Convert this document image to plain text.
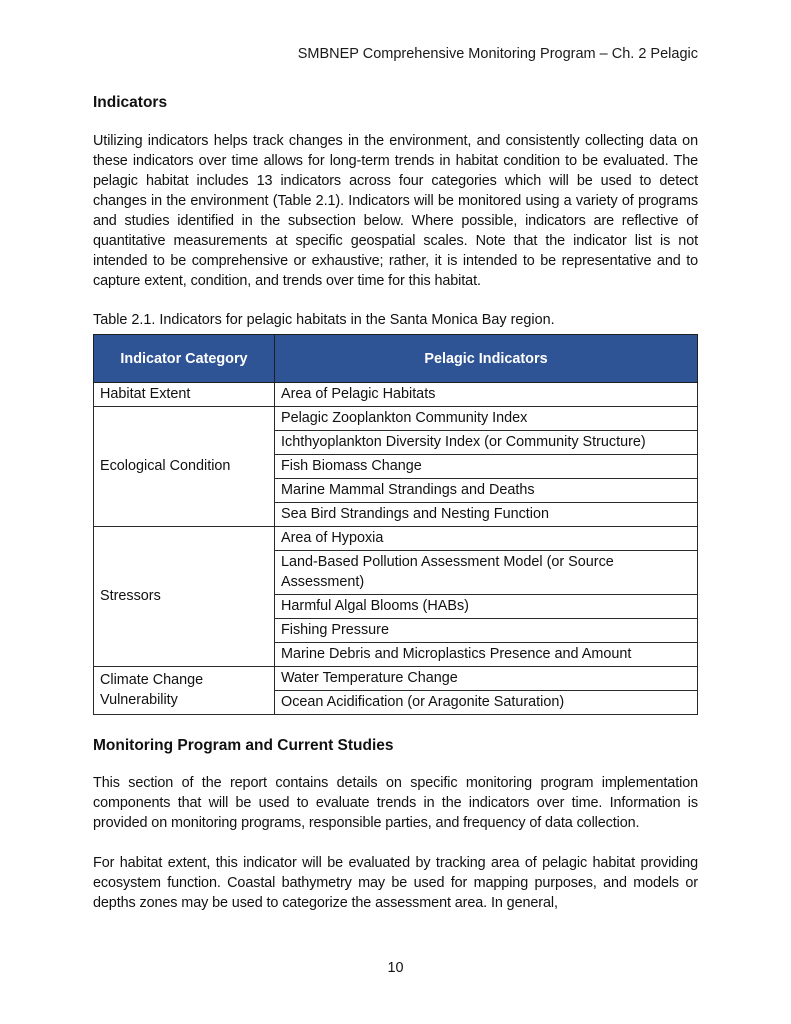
SMBNEP Comprehensive Monitoring Program – Ch. 2 Pelagic
Indicators

Utilizing indicators helps track changes in the environment, and consistently collecting data on these indicators over time allows for long-term trends in habitat condition to be evaluated. The pelagic habitat includes 13 indicators across four categories which will be used to detect changes in the environment (Table 2.1). Indicators will be monitored using a variety of programs and studies identified in the subsection below. Where possible, indicators are reflective of quantitative measurements at specific geospatial scales. Note that the indicator list is not intended to be comprehensive or exhaustive; rather, it is intended to be representative and to capture extent, condition, and trends over time for this habitat.

Table 2.1. Indicators for pelagic habitats in the Santa Monica Bay region.
Indicator Category	Pelagic Indicators
Habitat Extent	Area of Pelagic Habitats
Ecological Condition	Pelagic Zooplankton Community Index
	Ichthyoplankton Diversity Index (or Community Structure)
	Fish Biomass Change
	Marine Mammal Strandings and Deaths
	Sea Bird Strandings and Nesting Function
Stressors	Area of Hypoxia
	Land-Based Pollution Assessment Model (or Source Assessment)
	Harmful Algal Blooms (HABs)
	Fishing Pressure
	Marine Debris and Microplastics Presence and Amount
Climate Change Vulnerability	Water Temperature Change
	Ocean Acidification (or Aragonite Saturation)
Monitoring Program and Current Studies

This section of the report contains details on specific monitoring program implementation components that will be used to evaluate trends in the indicators over time. Information is provided on monitoring programs, responsible parties, and frequency of data collection.

For habitat extent, this indicator will be evaluated by tracking area of pelagic habitat providing ecosystem function. Coastal bathymetry may be used for mapping purposes, and models or depths zones may be used to categorize the assessment area. In general,

10
